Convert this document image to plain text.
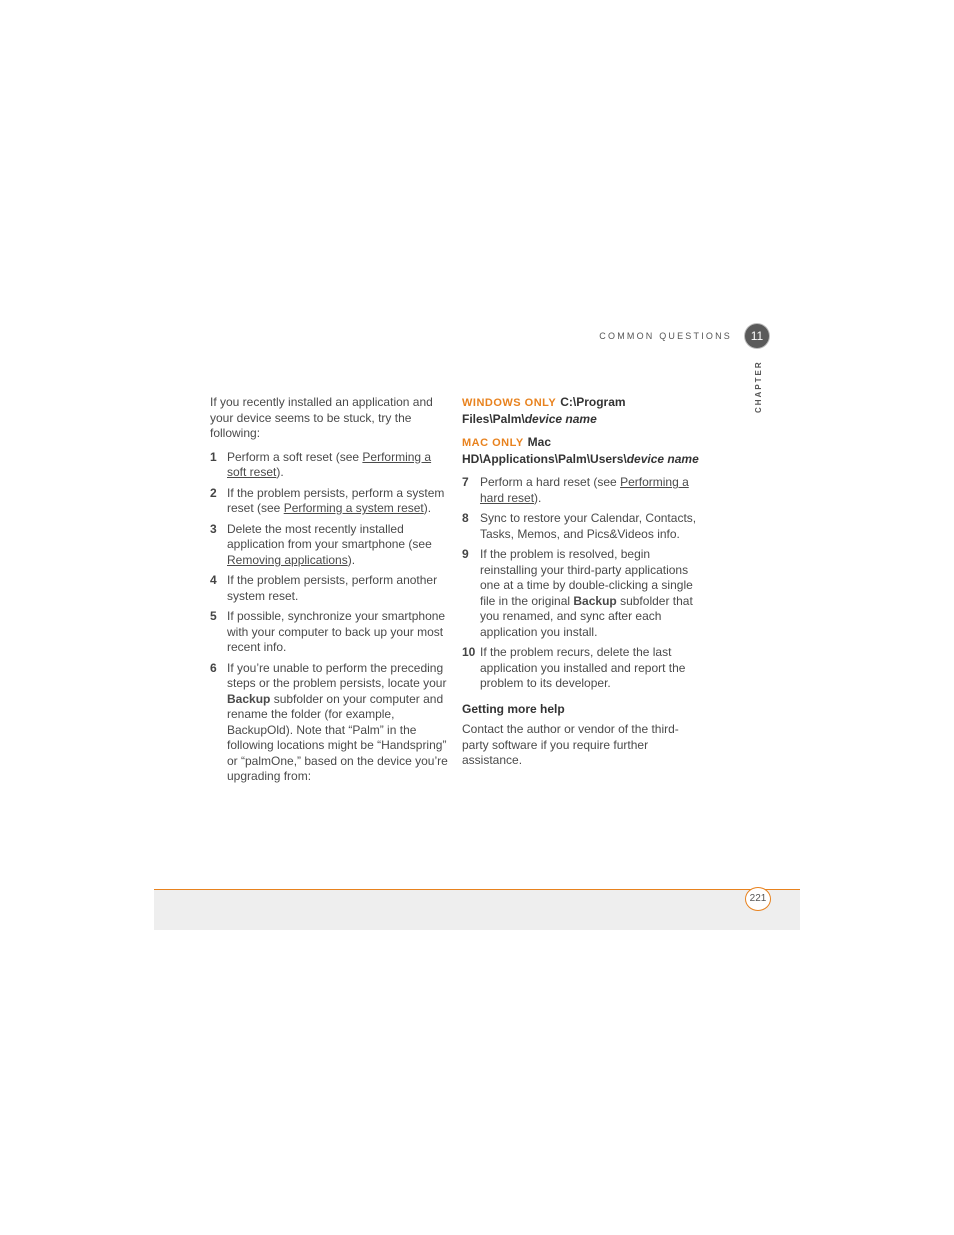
COMMON QUESTIONS	11
CHAPTER

If you recently installed an application and your device seems to be stuck, try the following:

1 Perform a soft reset (see Performing a soft reset).
2 If the problem persists, perform a system reset (see Performing a system reset).
3 Delete the most recently installed application from your smartphone (see Removing applications).
4 If the problem persists, perform another system reset.
5 If possible, synchronize your smartphone with your computer to back up your most recent info.
6 If you’re unable to perform the preceding steps or the problem persists, locate your Backup subfolder on your computer and rename the folder (for example, BackupOld). Note that “Palm” in the following locations might be “Handspring” or “palmOne,” based on the device you’re upgrading from:
WINDOWS ONLY C:\Program Files\Palm\device name
MAC ONLY Mac HD\Applications\Palm\Users\device name
7 Perform a hard reset (see Performing a hard reset).
8 Sync to restore your Calendar, Contacts, Tasks, Memos, and Pics&Videos info.
9 If the problem is resolved, begin reinstalling your third-party applications one at a time by double-clicking a single file in the original Backup subfolder that you renamed, and sync after each application you install.
10 If the problem recurs, delete the last application you installed and report the problem to its developer.

Getting more help

Contact the author or vendor of the third-party software if you require further assistance.

221
